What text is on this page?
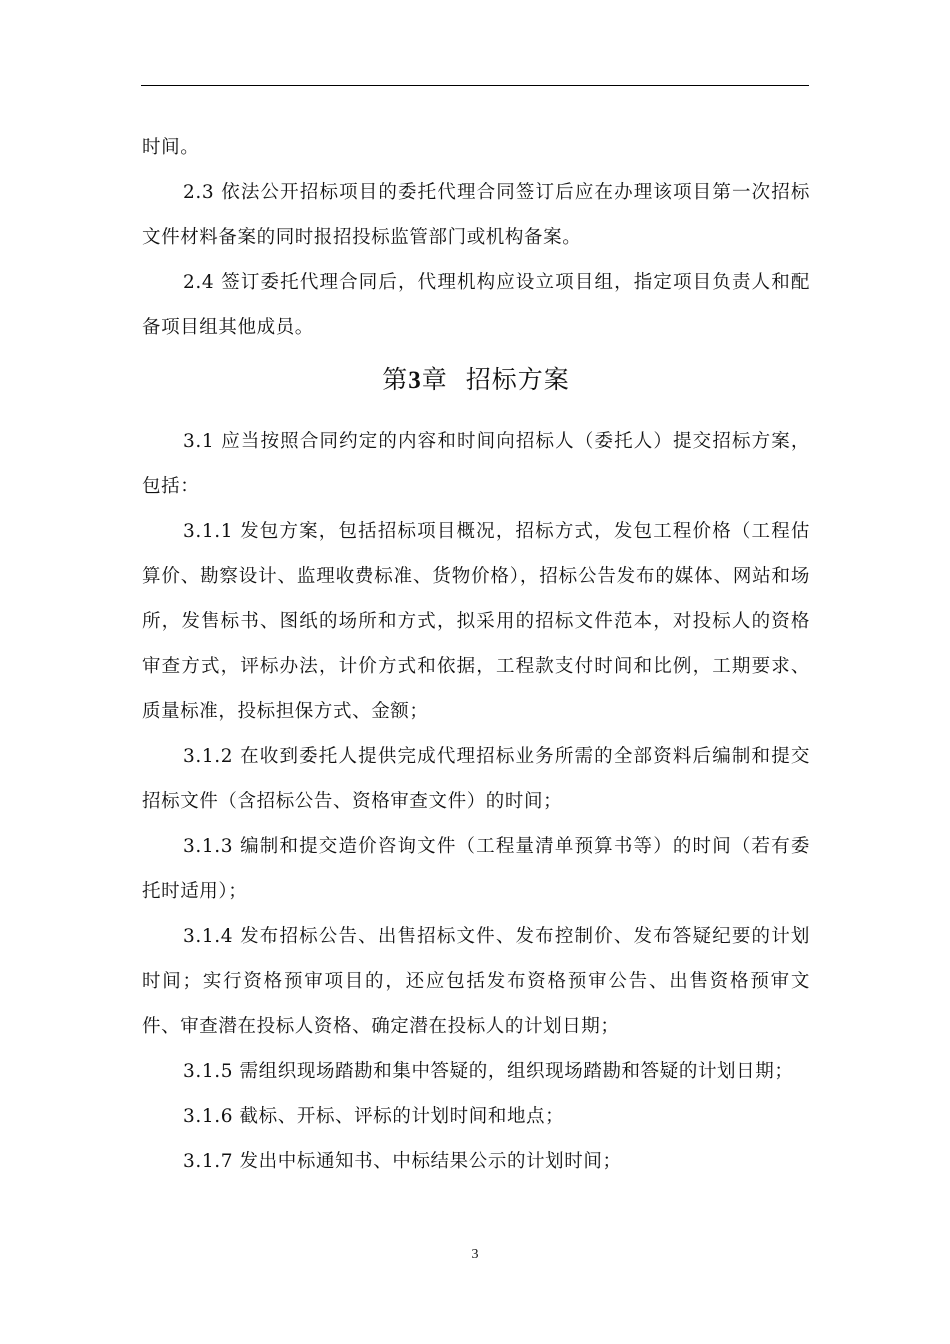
时间。

2.3 依法公开招标项目的委托代理合同签订后应在办理该项目第一次招标文件材料备案的同时报招投标监管部门或机构备案。

2.4 签订委托代理合同后，代理机构应设立项目组，指定项目负责人和配备项目组其他成员。

第3章  招标方案

3.1 应当按照合同约定的内容和时间向招标人（委托人）提交招标方案，包括：

3.1.1 发包方案，包括招标项目概况，招标方式，发包工程价格（工程估算价、勘察设计、监理收费标准、货物价格），招标公告发布的媒体、网站和场所，发售标书、图纸的场所和方式，拟采用的招标文件范本，对投标人的资格审查方式，评标办法，计价方式和依据，工程款支付时间和比例，工期要求、质量标准，投标担保方式、金额；

3.1.2 在收到委托人提供完成代理招标业务所需的全部资料后编制和提交招标文件（含招标公告、资格审查文件）的时间；

3.1.3 编制和提交造价咨询文件（工程量清单预算书等）的时间（若有委托时适用）；

3.1.4 发布招标公告、出售招标文件、发布控制价、发布答疑纪要的计划时间；实行资格预审项目的，还应包括发布资格预审公告、出售资格预审文件、审查潜在投标人资格、确定潜在投标人的计划日期；

3.1.5 需组织现场踏勘和集中答疑的，组织现场踏勘和答疑的计划日期；

3.1.6 截标、开标、评标的计划时间和地点；

3.1.7 发出中标通知书、中标结果公示的计划时间；

3
